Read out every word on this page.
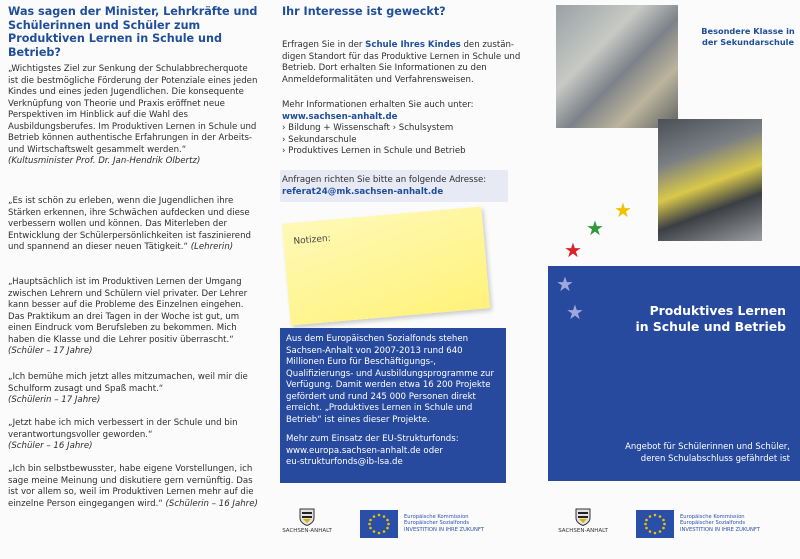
Was sagen der Minister, Lehrkräfte und Schülerinnen und Schüler zum Produktiven Lernen in Schule und Betrieb?
„Wichtigstes Ziel zur Senkung der Schulabbrecherquote ist die bestmögliche Förderung der Potenziale eines jeden Kindes und eines jeden Jugendlichen. Die konsequente Verknüpfung von Theorie und Praxis eröffnet neue Perspektiven im Hinblick auf die Wahl des Ausbildungsberufes. Im Produktiven Lernen in Schule und Betrieb können authentische Erfahrungen in der Arbeits- und Wirtschaftswelt gesammelt werden.“
(Kultusminister Prof. Dr. Jan-Hendrik Olbertz)
„Es ist schön zu erleben, wenn die Jugendlichen ihre Stärken erkennen, ihre Schwächen aufdecken und diese verbessern wollen und können. Das Miterleben der Entwicklung der Schülerpersönlichkeiten ist faszinierend und spannend an dieser neuen Tätigkeit.“ (Lehrerin)
„Hauptsächlich ist im Produktiven Lernen der Umgang zwischen Lehrern und Schülern viel privater. Der Lehrer kann besser auf die Probleme des Einzelnen eingehen. Das Praktikum an drei Tagen in der Woche ist gut, um einen Eindruck vom Berufsleben zu bekommen. Mich haben die Klasse und die Lehrer positiv überrascht.“ (Schüler – 17 Jahre)
„Ich bemühe mich jetzt alles mitzumachen, weil mir die Schulform zusagt und Spaß macht.“
(Schülerin – 17 Jahre)
„Jetzt habe ich mich verbessert in der Schule und bin verantwortungsvoller geworden.“
(Schüler – 16 Jahre)
„Ich bin selbstbewusster, habe eigene Vorstellungen, ich sage meine Meinung und diskutiere gern vernünftig. Das ist vor allem so, weil im Produktiven Lernen mehr auf die einzelne Person eingegangen wird.“ (Schülerin – 16 Jahre)
Ihr Interesse ist geweckt?
Erfragen Sie in der Schule Ihres Kindes den zuständigen Standort für das Produktive Lernen in Schule und Betrieb. Dort erhalten Sie Informationen zu den Anmeldeformalitäten und Verfahrensweisen.
Mehr Informationen erhalten Sie auch unter:
www.sachsen-anhalt.de
› Bildung + Wissenschaft › Schulsystem
› Sekundarschule
› Produktives Lernen in Schule und Betrieb
Anfragen richten Sie bitte an folgende Adresse:
referat24@mk.sachsen-anhalt.de
Notizen:
Aus dem Europäischen Sozialfonds stehen Sachsen-Anhalt von 2007-2013 rund 640 Millionen Euro für Beschäftigungs-, Qualifizierungs- und Ausbildungsprogramme zur Verfügung. Damit werden etwa 16 200 Projekte gefördert und rund 245 000 Personen direkt erreicht. „Produktives Lernen in Schule und Betrieb“ ist eines dieser Projekte.
Mehr zum Einsatz der EU-Strukturfonds:
www.europa.sachsen-anhalt.de oder
eu-strukturfonds@ib-lsa.de
SACHSEN-ANHALT
Europäische Kommission
Europäischer Sozialfonds
INVESTITION IN IHRE ZUKUNFT
Besondere Klasse in der Sekundarschule
★
★
★
★
★	Produktives Lernen
in Schule und Betrieb
Angebot für Schülerinnen und Schüler,
deren Schulabschluss gefährdet ist
SACHSEN-ANHALT
Europäische Kommission
Europäischer Sozialfonds
INVESTITION IN IHRE ZUKUNFT
